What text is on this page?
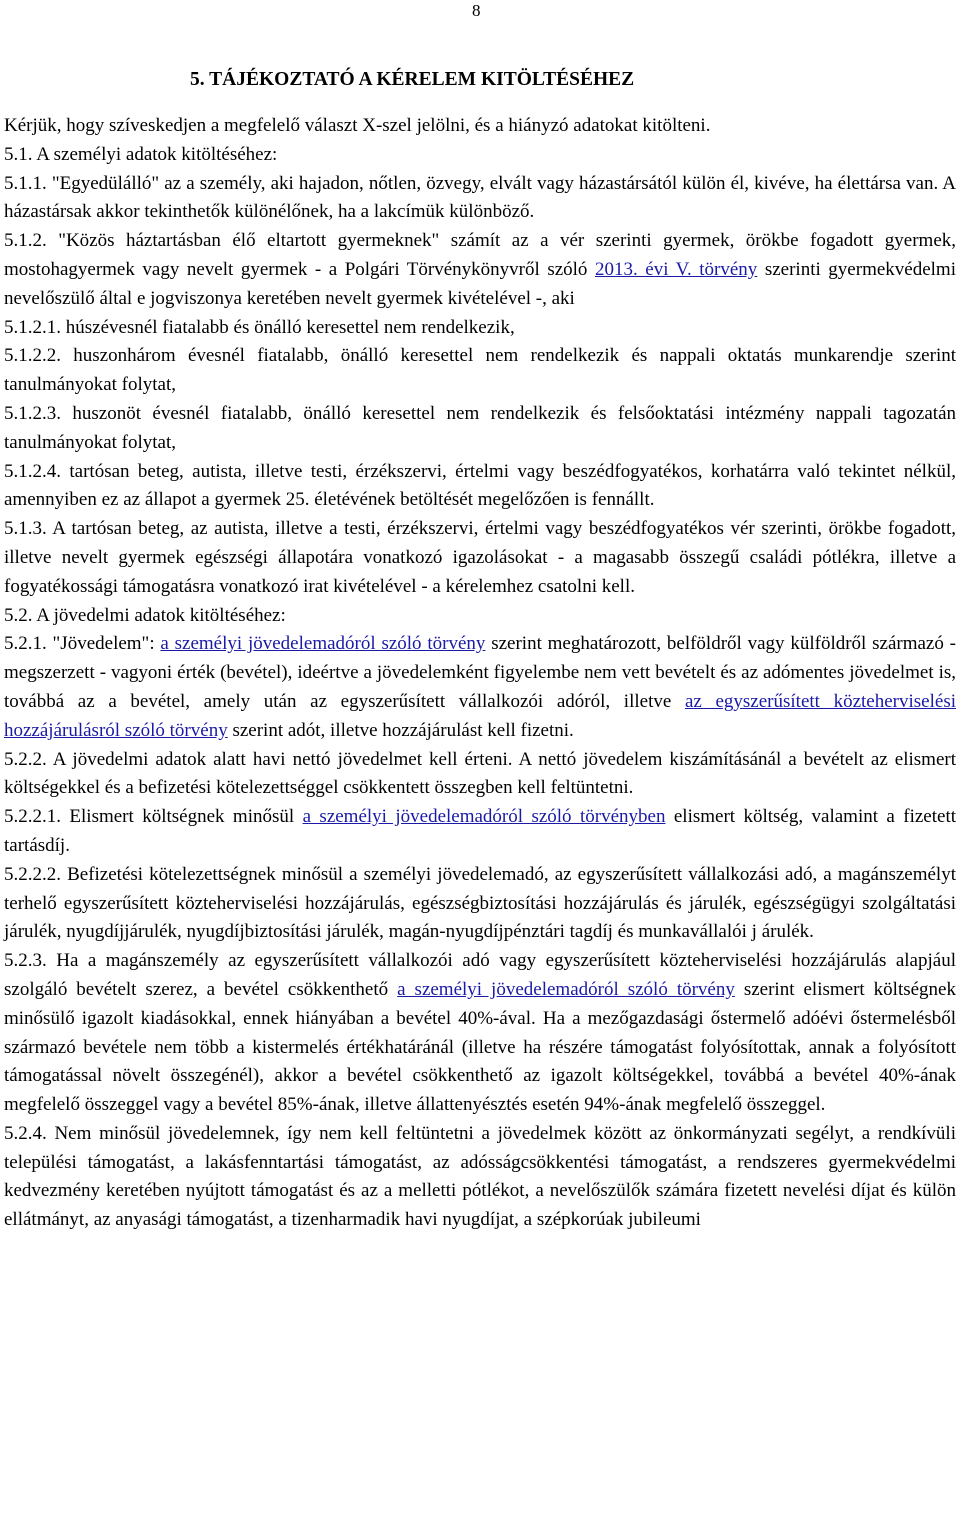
8
5. TÁJÉKOZTATÓ A KÉRELEM KITÖLTÉSÉHEZ

Kérjük, hogy szíveskedjen a megfelelő választ X-szel jelölni, és a hiányzó adatokat kitölteni.

5.1. A személyi adatok kitöltéséhez:

5.1.1. "Egyedülálló" az a személy, aki hajadon, nőtlen, özvegy, elvált vagy házastársától külön él, kivéve, ha élettársa van. A házastársak akkor tekinthetők különélőnek, ha a lakcímük különböző.

5.1.2. "Közös háztartásban élő eltartott gyermeknek" számít az a vér szerinti gyermek, örökbe fogadott gyermek, mostohagyermek vagy nevelt gyermek - a Polgári Törvénykönyvről szóló 2013. évi V. törvény szerinti gyermekvédelmi nevelőszülő által e jogviszonya keretében nevelt gyermek kivételével -, aki

5.1.2.1. húszévesnél fiatalabb és önálló keresettel nem rendelkezik,

5.1.2.2. huszonhárom évesnél fiatalabb, önálló keresettel nem rendelkezik és nappali oktatás munkarendje szerint tanulmányokat folytat,

5.1.2.3. huszonöt évesnél fiatalabb, önálló keresettel nem rendelkezik és felsőoktatási intézmény nappali tagozatán tanulmányokat folytat,

5.1.2.4. tartósan beteg, autista, illetve testi, érzékszervi, értelmi vagy beszédfogyatékos, korhatárra való tekintet nélkül, amennyiben ez az állapot a gyermek 25. életévének betöltését megelőzően is fennállt.

5.1.3. A tartósan beteg, az autista, illetve a testi, érzékszervi, értelmi vagy beszédfogyatékos vér szerinti, örökbe fogadott, illetve nevelt gyermek egészségi állapotára vonatkozó igazolásokat - a magasabb összegű családi pótlékra, illetve a fogyatékossági támogatásra vonatkozó irat kivételével - a kérelemhez csatolni kell.

5.2. A jövedelmi adatok kitöltéséhez:

5.2.1. "Jövedelem": a személyi jövedelemadóról szóló törvény szerint meghatározott, belföldről vagy külföldről származó - megszerzett - vagyoni érték (bevétel), ideértve a jövedelemként figyelembe nem vett bevételt és az adómentes jövedelmet is, továbbá az a bevétel, amely után az egyszerűsített vállalkozói adóról, illetve az egyszerűsített közteherviselési hozzájárulásról szóló törvény szerint adót, illetve hozzájárulást kell fizetni.

5.2.2. A jövedelmi adatok alatt havi nettó jövedelmet kell érteni. A nettó jövedelem kiszámításánál a bevételt az elismert költségekkel és a befizetési kötelezettséggel csökkentett összegben kell feltüntetni.

5.2.2.1. Elismert költségnek minősül a személyi jövedelemadóról szóló törvényben elismert költség, valamint a fizetett tartásdíj.

5.2.2.2. Befizetési kötelezettségnek minősül a személyi jövedelemadó, az egyszerűsített vállalkozási adó, a magánszemélyt terhelő egyszerűsített közteherviselési hozzájárulás, egészségbiztosítási hozzájárulás és járulék, egészségügyi szolgáltatási járulék, nyugdíjjárulék, nyugdíjbiztosítási járulék, magán-nyugdíjpénztári tagdíj és munkavállalói j árulék.

5.2.3. Ha a magánszemély az egyszerűsített vállalkozói adó vagy egyszerűsített közteherviselési hozzájárulás alapjául szolgáló bevételt szerez, a bevétel csökkenthető a személyi jövedelemadóról szóló törvény szerint elismert költségnek minősülő igazolt kiadásokkal, ennek hiányában a bevétel 40%-ával. Ha a mezőgazdasági őstermelő adóévi őstermelésből származó bevétele nem több a kistermelés értékhatáránál (illetve ha részére támogatást folyósítottak, annak a folyósított támogatással növelt összegénél), akkor a bevétel csökkenthető az igazolt költségekkel, továbbá a bevétel 40%-ának megfelelő összeggel vagy a bevétel 85%-ának, illetve állattenyésztés esetén 94%-ának megfelelő összeggel.

5.2.4. Nem minősül jövedelemnek, így nem kell feltüntetni a jövedelmek között az önkormányzati segélyt, a rendkívüli települési támogatást, a lakásfenntartási támogatást, az adósságcsökkentési támogatást, a rendszeres gyermekvédelmi kedvezmény keretében nyújtott támogatást és az a melletti pótlékot, a nevelőszülők számára fizetett nevelési díjat és külön ellátmányt, az anyasági támogatást, a tizenharmadik havi nyugdíjat, a szépkorúak jubileumi
